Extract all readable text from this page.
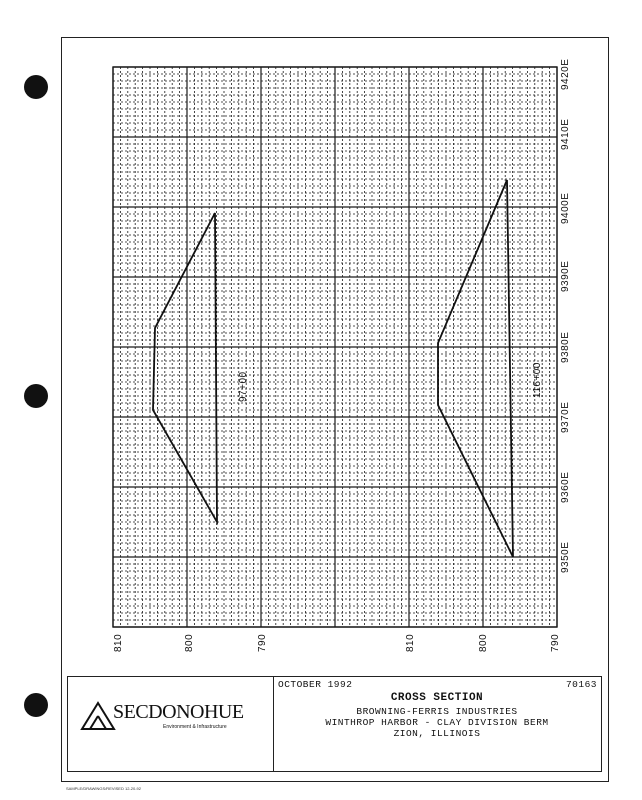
97+00	116+00
810	800	790	810	800	790
9420E
9410E
9400E
9390E
9380E
9370E
9360E
9350E
SECDONOHUE
Environment & Infrastructure
OCTOBER 1992	70163
CROSS SECTION
BROWNING-FERRIS INDUSTRIES
WINTHROP HARBOR - CLAY DIVISION BERM
ZION, ILLINOIS
SAMPLE/DRAWINGS/REVISED 12-20-92
